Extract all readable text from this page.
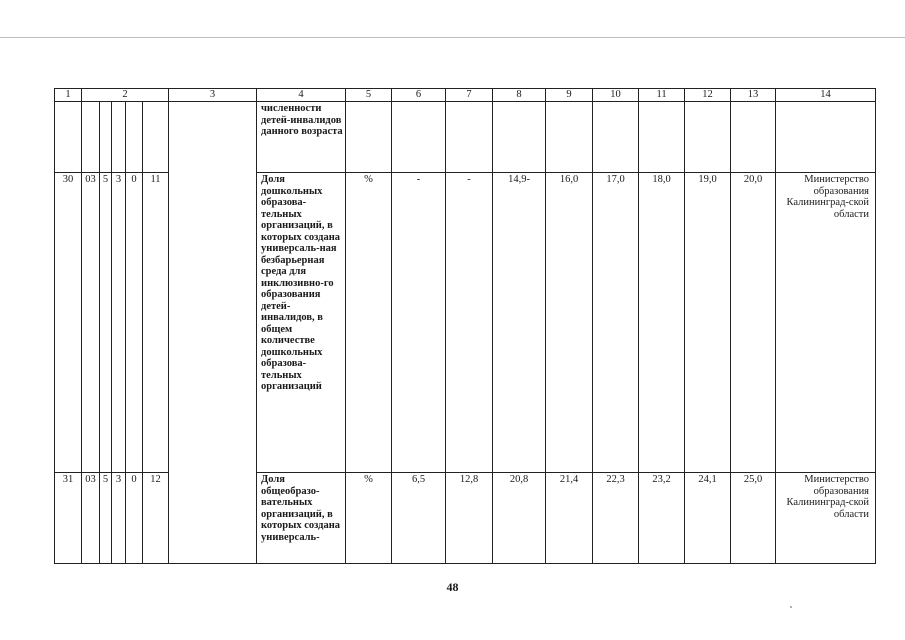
1	2					3	4	5	6	7	8	9	10	11	12	13	14
							численности детей-инвалидов данного возраста										
30	03	5	3	0	11		Доля дошкольных образова-тельных организаций, в которых создана универсаль-ная безбарьерная среда для инклюзивно-го образования детей-инвалидов, в общем количестве дошкольных образова-тельных организаций	%	-	-	14,9-	16,0	17,0	18,0	19,0	20,0	Министерство образования Калининград-ской области
31	03	5	3	0	12		Доля общеобразо-вательных организаций, в которых создана универсаль-	%	6,5	12,8	20,8	21,4	22,3	23,2	24,1	25,0	Министерство образования Калининград-ской области
48
